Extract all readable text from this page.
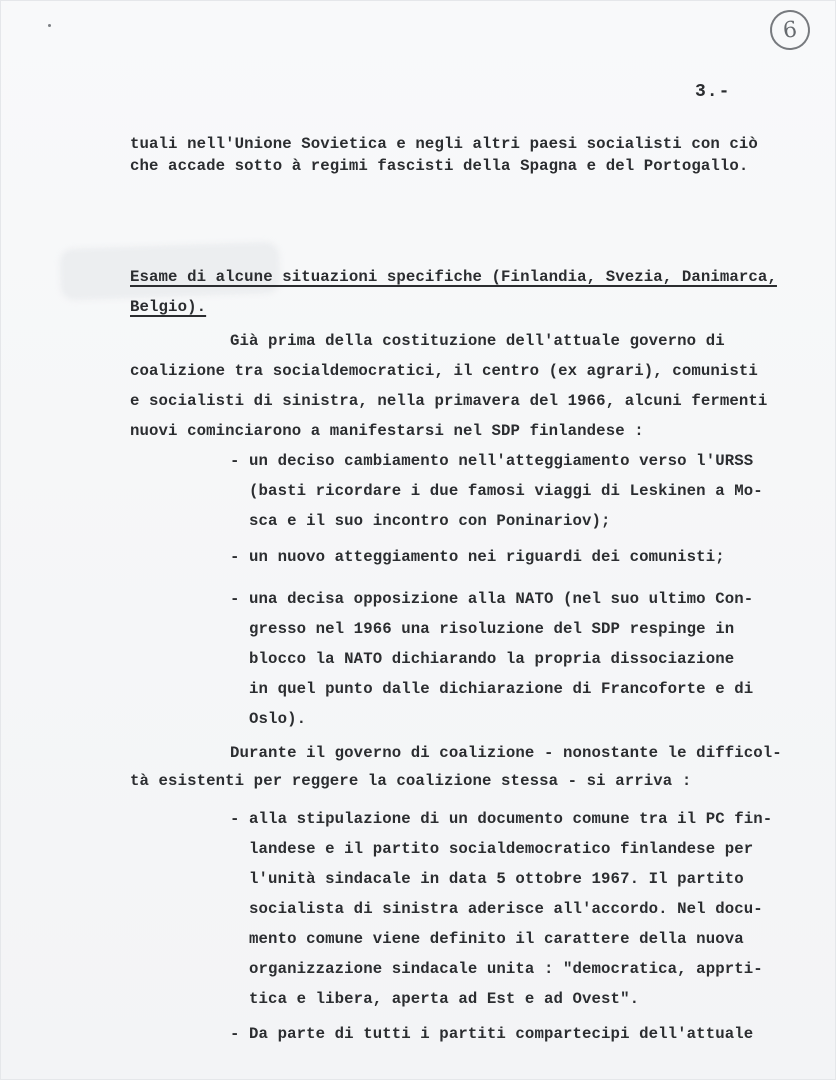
6
3.-
tuali nell'Unione Sovietica e negli altri paesi socialisti con ciò
che accade sotto à regimi fascisti della Spagna e del Portogallo.
Esame di alcune situazioni specifiche (Finlandia, Svezia, Danimarca,
Belgio).
Già prima della costituzione dell'attuale governo di
coalizione tra socialdemocratici, il centro (ex agrari), comunisti
e socialisti di sinistra, nella primavera del 1966, alcuni fermenti
nuovi cominciarono a manifestarsi nel SDP finlandese :
- un deciso cambiamento nell'atteggiamento verso l'URSS
(basti ricordare i due famosi viaggi di Leskinen a Mo-
sca e il suo incontro con Poninariov);
- un nuovo atteggiamento nei riguardi dei comunisti;
- una decisa opposizione alla NATO (nel suo ultimo Con-
gresso nel 1966 una risoluzione del SDP respinge in
blocco la NATO dichiarando la propria dissociazione
in quel punto dalle dichiarazione di Francoforte e di
Oslo).
Durante il governo di coalizione - nonostante le difficol-
tà esistenti per reggere la coalizione stessa - si arriva :
- alla stipulazione di un documento comune tra il PC fin-
landese e il partito socialdemocratico finlandese per
l'unità sindacale in data 5 ottobre 1967. Il partito
socialista di sinistra aderisce all'accordo. Nel docu-
mento comune viene definito il carattere della nuova
organizzazione sindacale unita : "democratica, apprti-
tica e libera, aperta ad Est e ad Ovest".
- Da parte di tutti i partiti compartecipi dell'attuale
